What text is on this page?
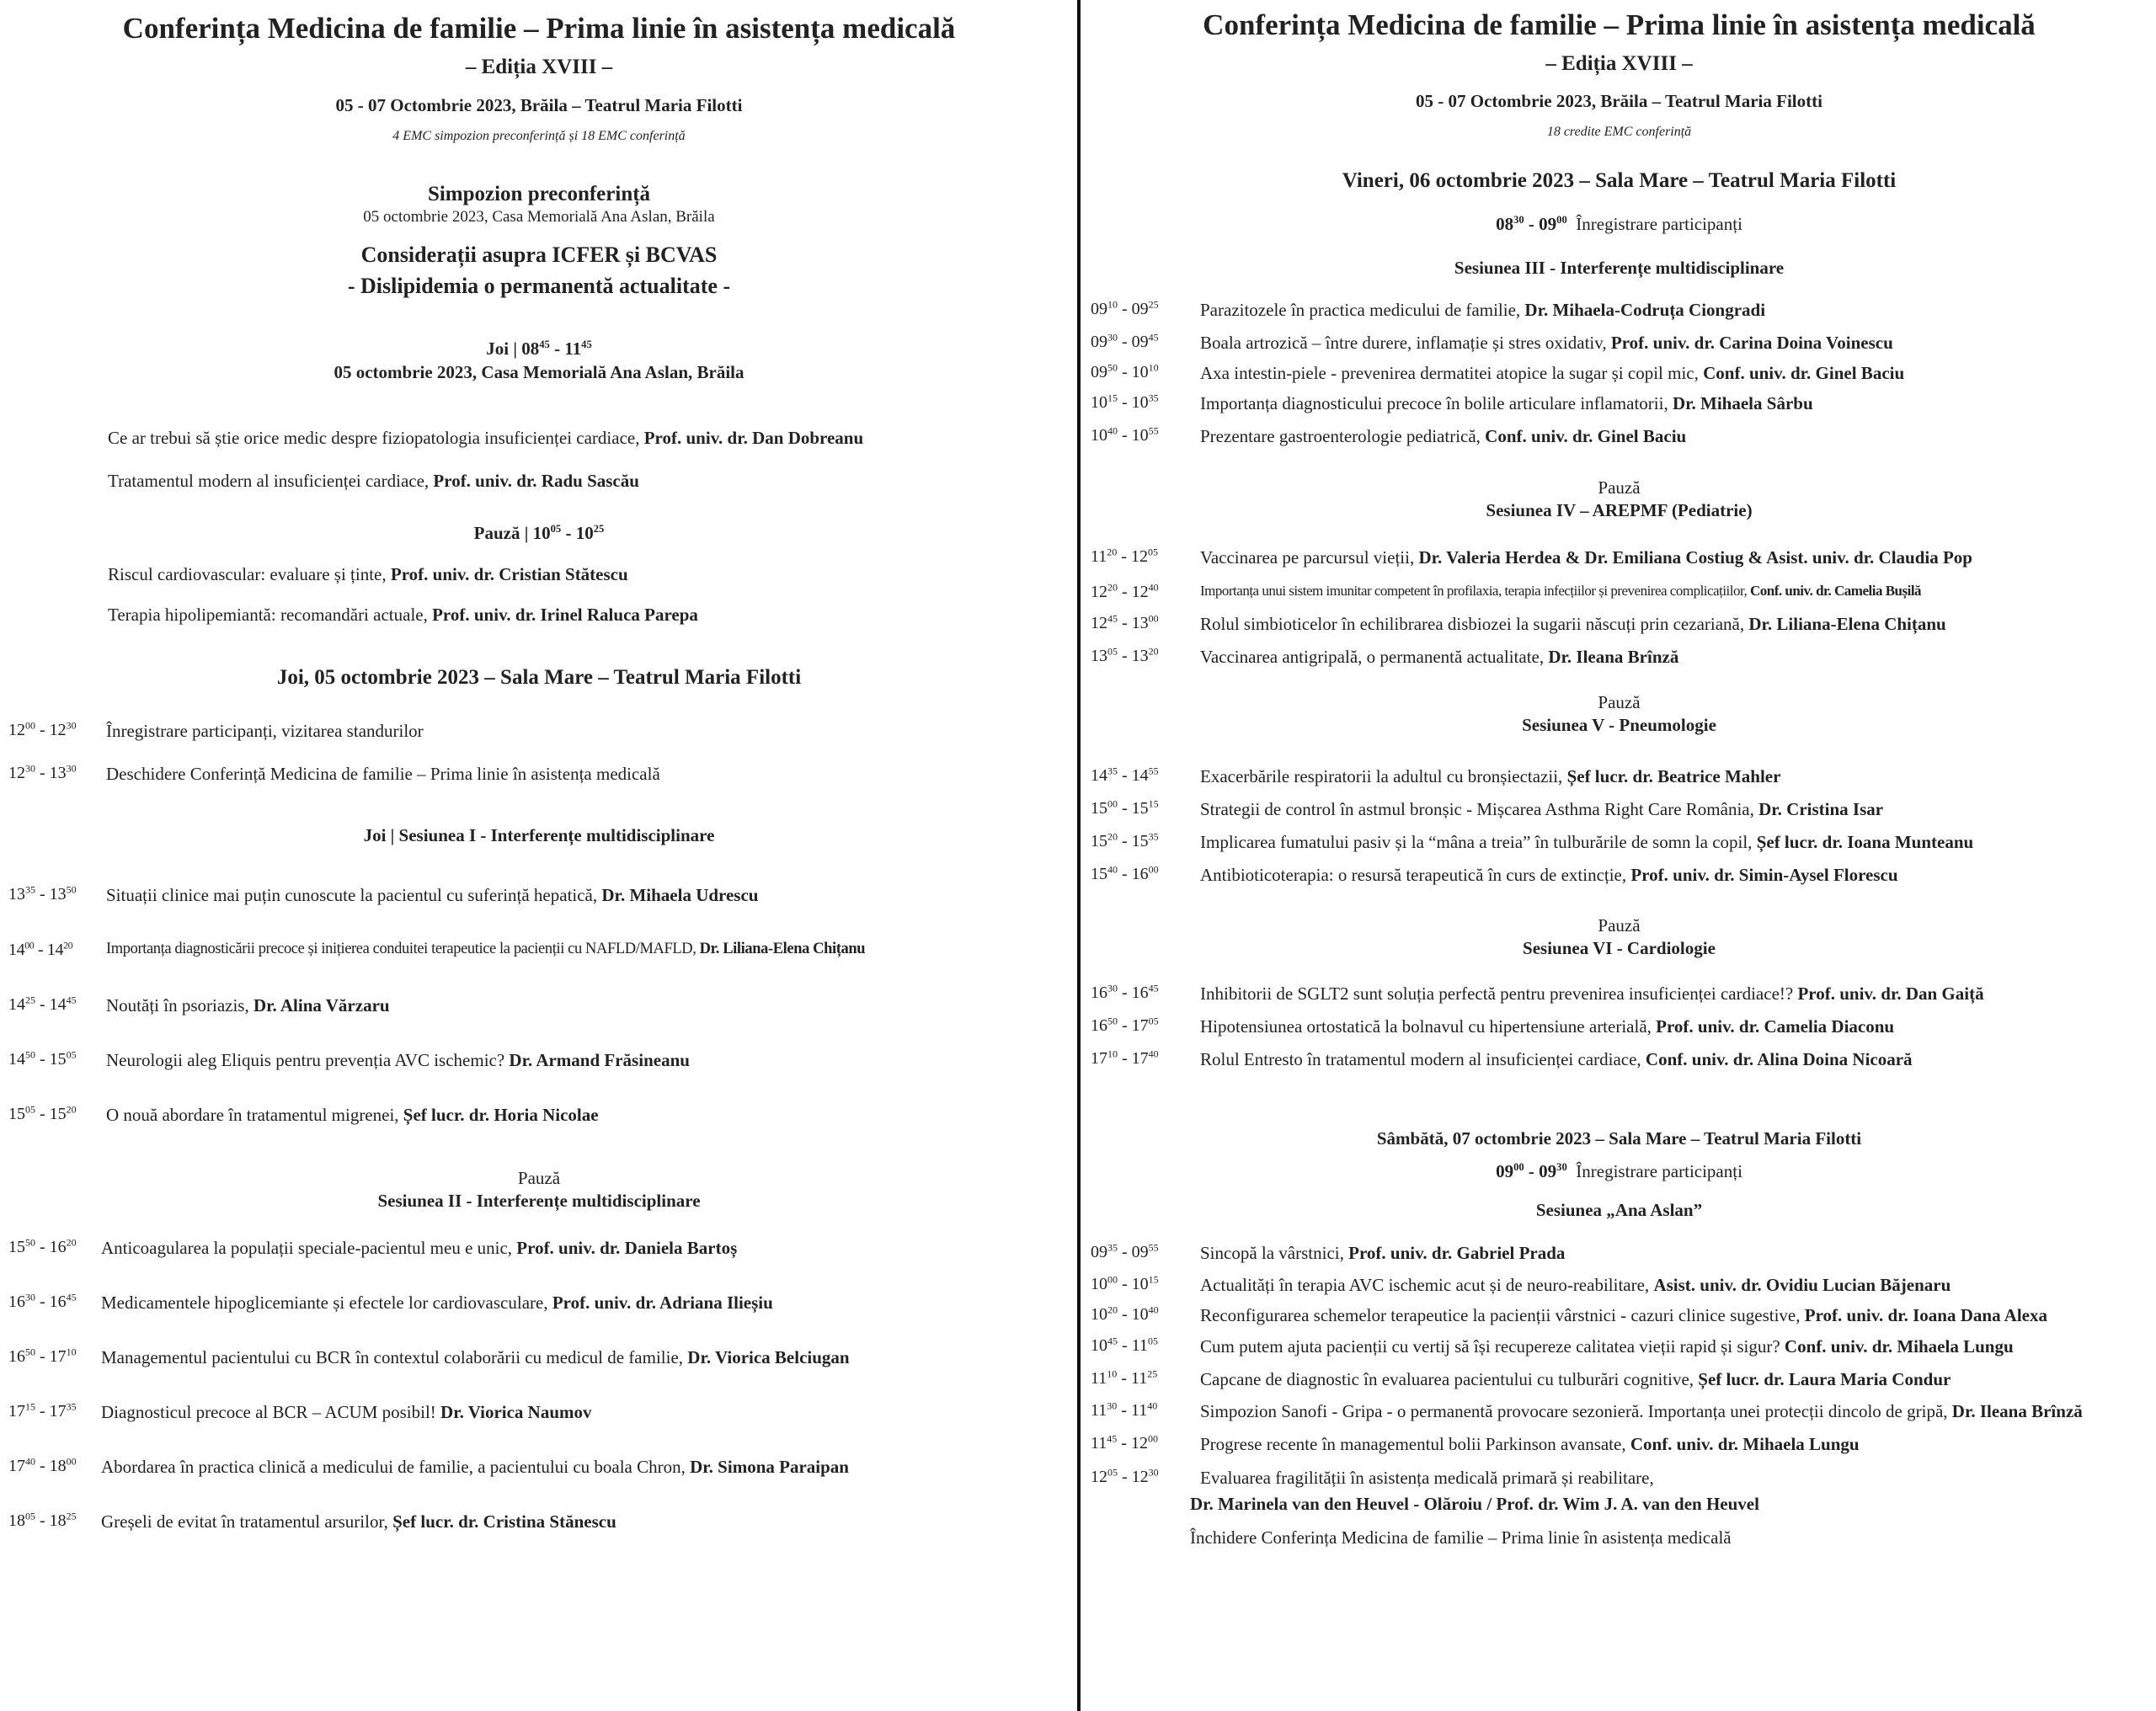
Conferința Medicina de familie – Prima linie în asistența medicală
– Ediția XVIII –
05 - 07 Octombrie 2023, Brăila – Teatrul Maria Filotti
4 EMC simpozion preconferință și 18 EMC conferință
Simpozion preconferință
05 octombrie 2023, Casa Memorială Ana Aslan, Brăila
Considerații asupra ICFER și BCVAS
- Dislipidemia o permanentă actualitate -
Joi | $08^{45} - 11^{45}$
05 octombrie 2023, Casa Memorială Ana Aslan, Brăila
Ce ar trebui să știe orice medic despre fiziopatologia insuficienței cardiace, Prof. univ. dr. Dan Dobreanu
Tratamentul modern al insuficienței cardiace, Prof. univ. dr. Radu Sascău
Pauză | $10^{05} - 10^{25}$
Riscul cardiovascular: evaluare și ținte, Prof. univ. dr. Cristian Stătescu
Terapia hipolipemiantă: recomandări actuale, Prof. univ. dr. Irinel Raluca Parepa
Joi, 05 octombrie 2023 – Sala Mare – Teatrul Maria Filotti
$12^{00} - 12^{30}$ Înregistrare participanți, vizitarea standurilor
$12^{30} - 13^{30}$ Deschidere Conferință Medicina de familie – Prima linie în asistența medicală
Joi | Sesiunea I - Interferențe multidisciplinare
$13^{35} - 13^{50}$ Situații clinice mai puțin cunoscute la pacientul cu suferință hepatică, Dr. Mihaela Udrescu
$14^{00} - 14^{20}$ Importanța diagnosticării precoce și inițierea conduitei terapeutice la pacienții cu NAFLD/MAFLD, Dr. Liliana-Elena Chițanu
$14^{25} - 14^{45}$ Noutăți în psoriazis, Dr. Alina Vărzaru
$14^{50} - 15^{05}$ Neurologii aleg Eliquis pentru prevenția AVC ischemic? Dr. Armand Frăsineanu
$15^{05} - 15^{20}$ O nouă abordare în tratamentul migrenei, Șef lucr. dr. Horia Nicolae
Pauză
Sesiunea II - Interferențe multidisciplinare
$15^{50} - 16^{20}$ Anticoagularea la populații speciale-pacientul meu e unic, Prof. univ. dr. Daniela Bartoș
$16^{30} - 16^{45}$ Medicamentele hipoglicemiante și efectele lor cardiovasculare, Prof. univ. dr. Adriana Ilieșiu
$16^{50} - 17^{10}$ Managementul pacientului cu BCR în contextul colaborării cu medicul de familie, Dr. Viorica Belciugan
$17^{15} - 17^{35}$ Diagnosticul precoce al BCR – ACUM posibil! Dr. Viorica Naumov
$17^{40} - 18^{00}$ Abordarea în practica clinică a medicului de familie, a pacientului cu boala Chron, Dr. Simona Paraipan
$18^{05} - 18^{25}$ Greșeli de evitat în tratamentul arsurilor, Șef lucr. dr. Cristina Stănescu
Conferința Medicina de familie – Prima linie în asistența medicală
– Ediția XVIII –
05 - 07 Octombrie 2023, Brăila – Teatrul Maria Filotti
18 credite EMC conferință
Vineri, 06 octombrie 2023 – Sala Mare – Teatrul Maria Filotti
$08^{30} - 09^{00}$ Înregistrare participanți
Sesiunea III - Interferențe multidisciplinare
$09^{10} - 09^{25}$ Parazitozele în practica medicului de familie, Dr. Mihaela-Codruța Ciongradi
$09^{30} - 09^{45}$ Boala artrozică – între durere, inflamație și stres oxidativ, Prof. univ. dr. Carina Doina Voinescu
$09^{50} - 10^{10}$ Axa intestin-piele - prevenirea dermatitei atopice la sugar și copil mic, Conf. univ. dr. Ginel Baciu
$10^{15} - 10^{35}$ Importanța diagnosticului precoce în bolile articulare inflamatorii, Dr. Mihaela Sârbu
$10^{40} - 10^{55}$ Prezentare gastroenterologie pediatrică, Conf. univ. dr. Ginel Baciu
Pauză
Sesiunea IV – AREPMF (Pediatrie)
$11^{20} - 12^{05}$ Vaccinarea pe parcursul vieții, Dr. Valeria Herdea & Dr. Emiliana Costiug & Asist. univ. dr. Claudia Pop
$12^{20} - 12^{40}$	Importanța unui sistem imunitar competent în profilaxia, terapia infecțiilor și prevenirea complicațiilor, Conf. univ. dr. Camelia Bușilă
$12^{45} - 13^{00}$ Rolul simbioticelor în echilibrarea disbiozei la sugarii născuți prin cezariană, Dr. Liliana-Elena Chițanu
$13^{05} - 13^{20}$ Vaccinarea antigripală, o permanentă actualitate, Dr. Ileana Brînză
Pauză
Sesiunea V - Pneumologie
$14^{35} - 14^{55}$ Exacerbările respiratorii la adultul cu bronșiectazii, Șef lucr. dr. Beatrice Mahler
$15^{00} - 15^{15}$ Strategii de control în astmul bronșic - Mișcarea Asthma Right Care România, Dr. Cristina Isar
$15^{20} - 15^{35}$ Implicarea fumatului pasiv și la “mâna a treia” în tulburările de somn la copil, Șef lucr. dr. Ioana Munteanu
$15^{40} - 16^{00}$ Antibioticoterapia: o resursă terapeutică în curs de extincție, Prof. univ. dr. Simin-Aysel Florescu
Pauză
Sesiunea VI - Cardiologie
$16^{30} - 16^{45}$ Inhibitorii de SGLT2 sunt soluția perfectă pentru prevenirea insuficienței cardiace!? Prof. univ. dr. Dan Gaiță
$16^{50} - 17^{05}$ Hipotensiunea ortostatică la bolnavul cu hipertensiune arterială, Prof. univ. dr. Camelia Diaconu
$17^{10} - 17^{40}$ Rolul Entresto în tratamentul modern al insuficienței cardiace, Conf. univ. dr. Alina Doina Nicoară
Sâmbătă, 07 octombrie 2023 – Sala Mare – Teatrul Maria Filotti
$09^{00} - 09^{30}$ Înregistrare participanți
Sesiunea „Ana Aslan”
$09^{35} - 09^{55}$ Sincopă la vârstnici, Prof. univ. dr. Gabriel Prada
$10^{00} - 10^{15}$ Actualități în terapia AVC ischemic acut și de neuro-reabilitare, Asist. univ. dr. Ovidiu Lucian Băjenaru
$10^{20} - 10^{40}$ Reconfigurarea schemelor terapeutice la pacienții vârstnici - cazuri clinice sugestive, Prof. univ. dr. Ioana Dana Alexa
$10^{45} - 11^{05}$ Cum putem ajuta pacienții cu vertij să își recupereze calitatea vieții rapid și sigur? Conf. univ. dr. Mihaela Lungu
$11^{10} - 11^{25}$ Capcane de diagnostic în evaluarea pacientului cu tulburări cognitive, Șef lucr. dr. Laura Maria Condur
$11^{30} - 11^{40}$ Simpozion Sanofi - Gripa - o permanentă provocare sezonieră. Importanța unei protecții dincolo de gripă, Dr. Ileana Brînză
$11^{45} - 12^{00}$ Progrese recente în managementul bolii Parkinson avansate, Conf. univ. dr. Mihaela Lungu
$12^{05} - 12^{30}$ Evaluarea fragilității în asistența medicală primară și reabilitare,
Dr. Marinela van den Heuvel - Olăroiu / Prof. dr. Wim J. A. van den Heuvel
Închidere Conferința Medicina de familie – Prima linie în asistența medicală
